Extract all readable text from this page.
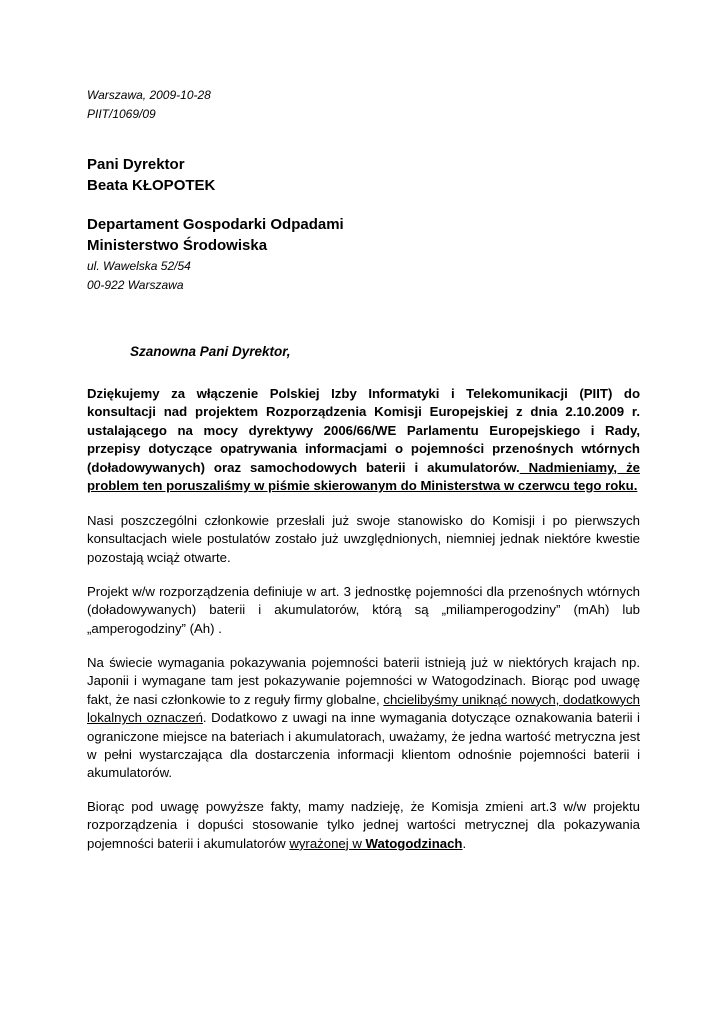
Warszawa, 2009-10-28
PIIT/1069/09
Pani Dyrektor
Beata KŁOPOTEK
Departament Gospodarki Odpadami
Ministerstwo Środowiska
ul. Wawelska 52/54
00-922 Warszawa
Szanowna Pani Dyrektor,

Dziękujemy za włączenie Polskiej Izby Informatyki i Telekomunikacji (PIIT) do konsultacji nad projektem Rozporządzenia Komisji Europejskiej z dnia 2.10.2009 r. ustalającego na mocy dyrektywy 2006/66/WE Parlamentu Europejskiego i Rady, przepisy dotyczące opatrywania informacjami o pojemności przenośnych wtórnych (doładowywanych) oraz samochodowych baterii i akumulatorów. Nadmieniamy, że problem ten poruszaliśmy w piśmie skierowanym do Ministerstwa w czerwcu tego roku.

Nasi poszczególni członkowie przesłali już swoje stanowisko do Komisji i po pierwszych konsultacjach wiele postulatów zostało już uwzględnionych, niemniej jednak niektóre kwestie pozostają wciąż otwarte.

Projekt w/w rozporządzenia definiuje w art. 3 jednostkę pojemności dla przenośnych wtórnych (doładowywanych) baterii i akumulatorów, którą są „miliamperogodziny” (mAh) lub „amperogodziny” (Ah) .

Na świecie wymagania pokazywania pojemności baterii istnieją już w niektórych krajach np. Japonii i wymagane tam jest pokazywanie pojemności w Watogodzinach. Biorąc pod uwagę fakt, że nasi członkowie to z reguły firmy globalne, chcielibyśmy uniknąć nowych, dodatkowych lokalnych oznaczeń. Dodatkowo z uwagi na inne wymagania dotyczące oznakowania baterii i ograniczone miejsce na bateriach i akumulatorach, uważamy, że jedna wartość metryczna jest w pełni wystarczająca dla dostarczenia informacji klientom odnośnie pojemności baterii i akumulatorów.

Biorąc pod uwagę powyższe fakty, mamy nadzieję, że Komisja zmieni art.3 w/w projektu rozporządzenia i dopuści stosowanie tylko jednej wartości metrycznej dla pokazywania pojemności baterii i akumulatorów wyrażonej w Watogodzinach.
